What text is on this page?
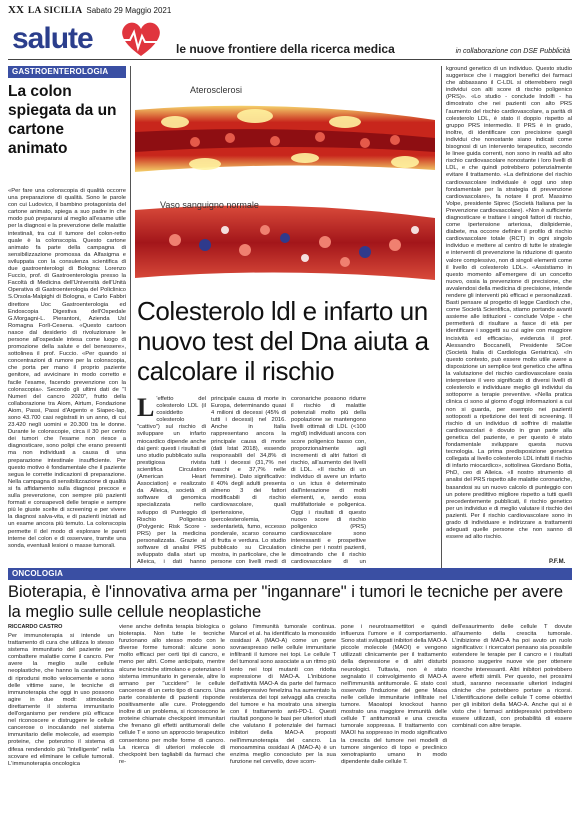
XX LA SICILIA Sabato 29 Maggio 2021
salute	le nuove frontiere della ricerca medica	in collaborazione con DSE Pubblicità
GASTROENTEROLOGIA
La colon spiegata da un cartone animato
«Per fare una colonscopia di qualità occorre una preparazione di qualità. Sono le parole con cui Ludovico, il bambino protagonista del cartone animato, spiega a suo padre in che modo può prepararsi al meglio all'esame utile per la diagnosi e la prevenzione delle malattie intestinali, tra cui il tumore del colon-retto quale è la colonscopia. Questo cartone animato fa parte della campagna di sensibilizzazione promossa da Alfasigma e sviluppata con la consulenza scientifica di due gastroenterologi di Bologna: Lorenzo Fuccio, prof. di Gastroenterologia presso la Facoltà di Medicina dell'Università dell'Unità Operativa di Gastroenterologia del Policlinico S.Orsola-Malpighi di Bologna, e Carlo Fabbri direttore Uoc Gastroenterologia ed Endoscopia Digestiva dell'Ospedale G.Morgagni-L. Pierantoni, Azienda Usl Romagna Forlì-Cesena. «Questo cartoon nasce dal desiderio di rivoluzionare le persone all'ospedale intesa come luogo di promozione della salute e del benessere», sottolinea il prof. Fuccio. «Per quando si concentrazioni di rumore per la colonscopia, che porta per mano il proprio paziente genitore, ad avvicinare in modo corretto e facile l'esame, facendo prevenzione con la colonscopia». Secondo gli ultimi dati de "I Numeri del cancro 2020", frutto della collaborazione tra Aiom, Airtum, Fondazione Aiom, Passi, Passi d'Argento e Siapec-Iap, sono 43.700 casi registrati in un anno, di cui 23.420 negli uomini e 20.300 tra le donne. Durante le colonscopie, circa il 30 per cento dei tumori che l'esame non riesce a diagnosticare, sono polipi che erano presenti ma non individuati a causa di una preparazione intestinale insufficiente. Per questo motivo è fondamentale che il paziente segua le corrette indicazioni di preparazione. Nella campagna di sensibilizzazione di qualità si fa affidamento sulla diagnosi precoce e sulla prevenzione, con sempre più pazienti formati e consapevoli delle terapie e sempre più le giuste scelte di screening e per vivere la diagnosi salva-vita, e di pazienti iniziati ad un esame ancora più temuto. La colonscopia permette il del modo di esplorare le pareti interne del colon e di osservare, tramite una sonda, eventuali lesioni o masse tumorali.
Aterosclerosi
Vaso sanguigno normale
Colesterolo ldl e infarto un nuovo test del Dna aiuta a calcolare il rischio
L 'effetto del colesterolo LDL (il cosiddetto colesterolo "cattivo") sul rischio di sviluppare un infarto miocardico dipende anche dai geni: questi i risultati di uno studio pubblicato sulla prestigiosa rivista scientifica Circulation (American Heart Association) e realizzato da Alleica, società di software di genomica specializzata nello sviluppo di Punteggio di Rischio Poligenico (Polygenic Risk Score - PRS) per la medicina personalizzata. Grazie al software di analisi PRS sviluppato dalla start up Alleica, i dati hanno
principale causa di morte in Europa, determinando quasi 4 milioni di decessi (45% di tutti i decessi) nel 2016. Anche in Italia rappresentano ancora la principale causa di morte (dati Istat 2018), essendo responsabili del 34,8% di tutti i decessi (31,7% nei maschi e 37,7% nelle femmine). Dato significativo: il 40% degli adulti presenta almeno 3 dei fattori modificabili di rischio cardiovascolare, quali ipertensione, ipercolesterolemia, sedentarietà, fumo, eccesso ponderale, scarso consumo di frutta e verdura. Lo studio pubblicato su Circulation mostra, in particolare, che le persone con livelli medi di
coronariche possono ridurre il rischio di malattie potenziali molto più della popolazione se mantengono livelli ottimali di LDL (<100 mg/dl) individuati ancora con score poligenico basso con, proporzionalmente agli incrementi di altri fattori di rischio, all'aumento dei livelli di LDL. «Il rischio di un individuo di avere un infarto o un ictus è determinato dall'interazione di molti elementi, e, sendo essa multifattoriale e poligenica. Oggi i risultati di questo nuovo score di rischio poligenico (PRS) cardiovascolare sono interessanti e prospettive cliniche per i nostri pazienti, dimostrando che il rischio cardiovascolare di un
kground genetico di un individuo. Questo studio suggerisce che i maggiori benefici dei farmaci che abbassano il C-LDL si otterrebbero negli individui con alti score di rischio poligenico (PRS)». «Lo studio - conclude Indolfi - ha dimostrato che nei pazienti con alto PRS l'aumento del rischio cardiovascolare, a parità di colesterolo LDL, è stato il doppio rispetto al gruppo PRS intermedio. Il PRS è in grado, inoltre, di identificare con precisione quegli individui che nonostante siano indicati come bisognosi di un intervento terapeutico, secondo le linee guida correnti, non sono in realtà ad alto rischio cardiovascolare nonostante i loro livelli di LDL, e che quindi potrebbero potenzialmente evitare il trattamento. «La definizione del rischio cardiovascolare individuale è oggi uno step fondamentale per la strategia di prevenzione cardiovascolare», fa notare il prof. Massimo Volpe, presidente Siprec (Società Italiana per la Prevenzione cardiovascolare). «Non è sufficiente diagnosticare e trattare i singoli fattori di rischio, come ipertensione arteriosa, dislipidemie, diabete, ma occorre definire il profilo di rischio cardiovascolare totale (RCT) in ogni singolo individuo e mettere al centro di tutte le strategie e interventi di prevenzione la riduzione di questo valore complessivo, non di singoli elementi come il livello di colesterolo LDL». «Assistiamo in questo momento all'emergere di un concetto nuovo, ossia la prevenzione di precisione, che avvalendosi della medicina di precisione, intende rendere gli interventi più efficaci e personalizzati. Basti pensare al progetto di legge Cardioch che, come Società Scientifica, stiamo portando avanti assieme alle istituzioni - conclude Volpe - che permetterà di risultare a fasce di età per identificare i soggetti su cui agire con maggiore incisività ed efficacia», evidenzia il prof. Alessandro Boccanelli, Presidente SiCoe (Società Italia di Cardiologia Geriatrica). «In questo contesto, può essere molto utile avere a disposizione un semplice test genetico che affina la valutazione del rischio cardiovascolare ossia interpretare il vero significato di diversi livelli di colesterolo e individuare meglio gli individui da sottoporre a terapie preventive. «Nella pratica clinica ci sono al giorno d'oggi informazioni a cui non si guarda, per esempio nei pazienti sottoposti a ripetizione dei test di screening. Il rischio di un individuo di soffrire di malattie cardiovascolari è dovuto in gran parte alla genetica del paziente, e per questo è stato fondamentale sviluppare questa nuova tecnologia. La prima predisposizione genetica collegata al livello colesterolo LDL infatti il rischio di infarto miocardico», sottolinea Giordano Botta, PhD, ceo di Alleica. «Il nostro strumento di analisi del PRS rispetto alle malattie coronariche, basandosi su un nuovo calcolo di punteggio con un potere predittivo migliore rispetto a tutti quelli precedentemente pubblicati, il rischio genetico per un individuo e di meglio valutare il rischio dei pazienti. Per il rischio cardiovascolare sono in grado di individuare e indirizzare a trattamenti adeguati quelle persone che non sanno di essere ad alto rischio.
P.F.M.
ONCOLOGIA
Bioterapia, è l'innovativa arma per "ingannare" i tumori le tecniche per avere la meglio sulle cellule neoplastiche
RICCARDO CASTRO
Per immunoterapia si intende un trattamento di cura che utilizza lo stesso sistema immunitario del paziente per combattere malattie come il cancro. Per avere la meglio sulle cellule neoplastiche, che hanno la caratteristica di riprodursi molto velocemente e sono delle vittime sane, le tecniche di immunoterapia che oggi in uso possono agire in due modi: stimolando direttamente il sistema immunitario dell'organismo per rendere più efficace nel riconoscere e distruggere le cellule cancerose o inoculando nel sistema immunitario delle molecole, ad esempio proteine, che potenzino il sistema di difesa rendendolo più "intelligente" nella scovare ed eliminare le cellule tumorali. L'immunoterapia oncologica
viene anche definita terapia biologica o bioterapia. Non tutte le tecniche funzionano allo stesso modo con le diverse forme tumorali: alcune sono molto efficaci per certi tipi di cancro, e meno per altri. Come anticipato, mentre alcune tecniche stimolano e potenziano il sistema immunitario in generale, altre lo armano per "uccidere" le cellule cancerose di un certo tipo di cancro. Una parte consistente di pazienti risponde positivamente alle cure. Proteggendo inoltre di un problema, si riconoscono le proteine chiamate checkpoint immunitari che frenano gli effetti antitumorali delle cellule T e sono un approccio terapeutico consentono per molte forme di cancro. La ricerca di ulteriori molecole di checkpoint ben tagliabili da farmaci che re-
golano l'immunità tumorale continua. Marcel et al. ha identificato la monossido ossidasi A (MAO-A) come un gene sovraespresso nelle cellule immunitarie infiltranti il tumore nei topi. Le cellule T del tumoral sono associate a un ritmo più lento nei topi mutanti con ridotta espressione di MAO-A. L'inibizione dell'attività MAO-A da parte del farmaco antidepressivo fenelzina ha aumentato la resistenza dei topi selvaggi alla crescita del tumore e ha mostrato una sinergia con il trattamento anti-PD-1. Questi risultati pongono le basi per ulteriori studi che valutano il potenziale dei farmaci inibitori della MAO-A proposti nell'immunoterapia del cancro. La monoammina ossidasi A (MAO-A) è un enzima meglio conosciuto per la sua funzione nel cervello, dove scom-
pone i neurotrasmettitori e quindi influenza l'umore e il comportamento. Sono stati sviluppati inibitori della MAO-A piccole molecole (MAOI) e vengono utilizzati clinicamente per il trattamento della depressione e di altri disturbi neurologici. Tuttavia, non è stato segnalato il coinvolgimento di MAO-A nell'immunità antitumorale. È stato così osservato l'induzione del gene Maoa nelle cellule immunitarie infiltrate nel tumore. Maoatopi knockout hanno mostrato una maggiore immunità delle cellule T antitumorali e una crescita tumorale soppressa. Il trattamento con MAOI ha soppresso in modo significativo la crescita del tumore nei modelli di tumore singenico di topo e preclinico xenotrapianto umano in modo dipendente dalle cellule T.
dell'esaurimento delle cellule T dovute all'aumento della crescita tumorale. L'inibizione di MAO-A ha poi avuto un ruolo significativo: i ricercatori pensano sia possibile estendere le terapie per il cancro e i risultati possono suggerire nuove vie per ottenere ricerche interessanti. Altri inibitori potrebbero avere effetti simili. Per questo, nei prossimi studi, saranno necessarie ulteriori indagini cliniche che potrebbero portare a ricorsi. L'identificazione delle cellule T come obiettivi per gli inibitori della MAO-A. Anche qui si è visto che i farmaci antidepressivi potrebbero essere utilizzati, con probabilità di essere combinati con altre terapie.
